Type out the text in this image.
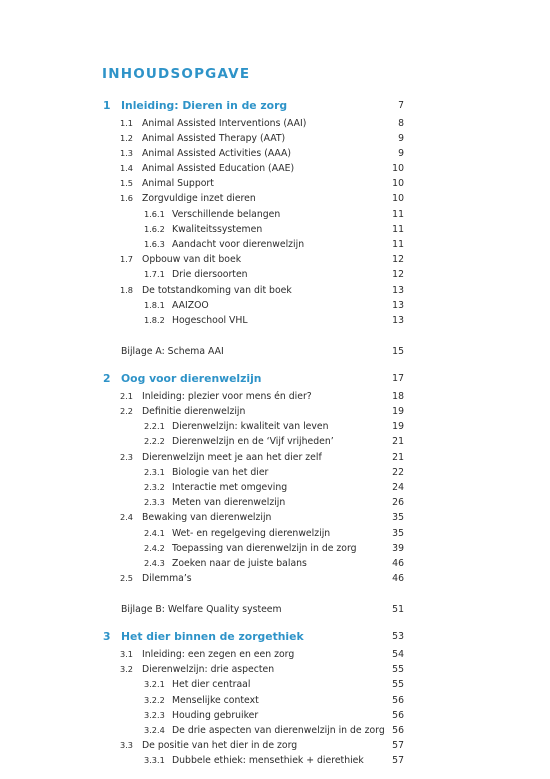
INHOUDSOPGAVE
1 Inleiding: Dieren in de zorg	7
1.1 Animal Assisted Interventions (AAI)	8
1.2 Animal Assisted Therapy (AAT)	9
1.3 Animal Assisted Activities (AAA)	9
1.4 Animal Assisted Education (AAE)	10
1.5 Animal Support	10
1.6 Zorgvuldige inzet dieren	10
1.6.1 Verschillende belangen	11
1.6.2 Kwaliteitssystemen	11
1.6.3 Aandacht voor dierenwelzijn	11
1.7 Opbouw van dit boek	12
1.7.1 Drie diersoorten	12
1.8 De totstandkoming van dit boek	13
1.8.1 AAIZOO	13
1.8.2 Hogeschool VHL	13
Bijlage A: Schema AAI	15
2 Oog voor dierenwelzijn	17
2.1 Inleiding: plezier voor mens én dier?	18
2.2 Definitie dierenwelzijn	19
2.2.1 Dierenwelzijn: kwaliteit van leven	19
2.2.2 Dierenwelzijn en de ‘Vijf vrijheden’	21
2.3 Dierenwelzijn meet je aan het dier zelf	21
2.3.1 Biologie van het dier	22
2.3.2 Interactie met omgeving	24
2.3.3 Meten van dierenwelzijn	26
2.4 Bewaking van dierenwelzijn	35
2.4.1 Wet- en regelgeving dierenwelzijn	35
2.4.2 Toepassing van dierenwelzijn in de zorg	39
2.4.3 Zoeken naar de juiste balans	46
2.5 Dilemma’s	46
Bijlage B: Welfare Quality systeem	51
3 Het dier binnen de zorgethiek	53
3.1 Inleiding: een zegen en een zorg	54
3.2 Dierenwelzijn: drie aspecten	55
3.2.1 Het dier centraal	55
3.2.2 Menselijke context	56
3.2.3 Houding gebruiker	56
3.2.4 De drie aspecten van dierenwelzijn in de zorg 56
3.3 De positie van het dier in de zorg	57
3.3.1 Dubbele ethiek: mensethiek + dierethiek	57
